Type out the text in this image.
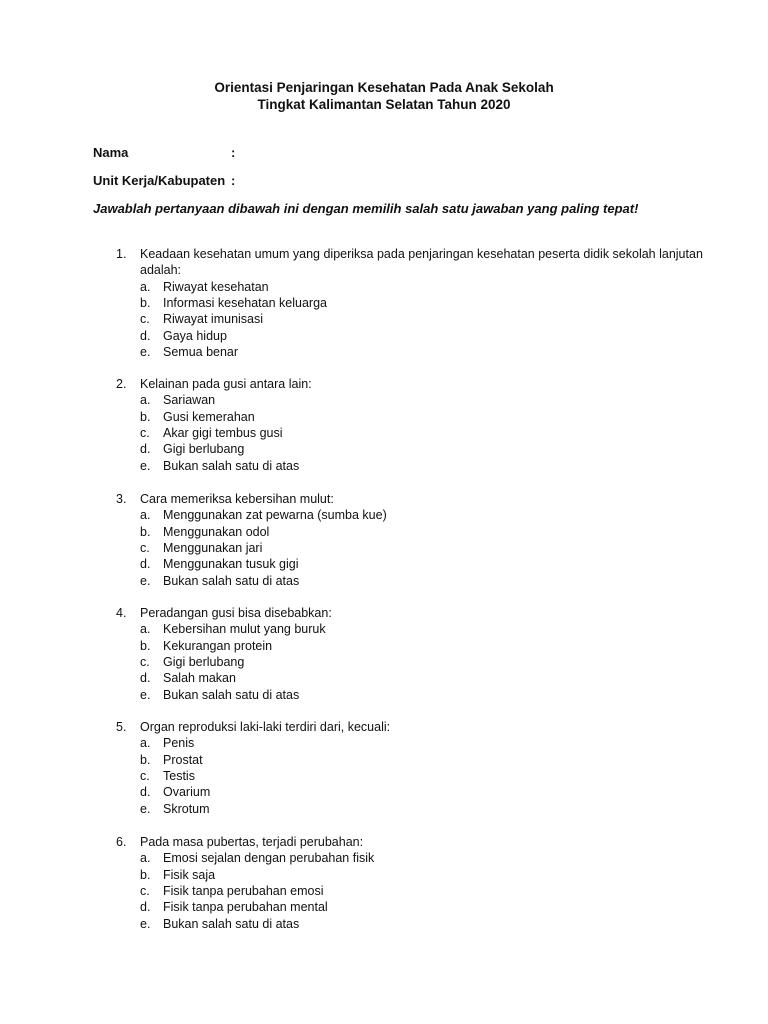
Orientasi Penjaringan Kesehatan Pada Anak Sekolah
Tingkat Kalimantan Selatan Tahun 2020
Nama	:
Unit Kerja/Kabupaten :
Jawablah pertanyaan dibawah ini dengan memilih salah satu jawaban yang paling tepat!
1. Keadaan kesehatan umum yang diperiksa pada penjaringan kesehatan peserta didik sekolah lanjutan adalah:
a. Riwayat kesehatan
b. Informasi kesehatan keluarga
c. Riwayat imunisasi
d. Gaya hidup
e. Semua benar
2. Kelainan pada gusi antara lain:
a. Sariawan
b. Gusi kemerahan
c. Akar gigi tembus gusi
d. Gigi berlubang
e. Bukan salah satu di atas
3. Cara memeriksa kebersihan mulut:
a. Menggunakan zat pewarna (sumba kue)
b. Menggunakan odol
c. Menggunakan jari
d. Menggunakan tusuk gigi
e. Bukan salah satu di atas
4. Peradangan gusi bisa disebabkan:
a. Kebersihan mulut yang buruk
b. Kekurangan protein
c. Gigi berlubang
d. Salah makan
e. Bukan salah satu di atas
5. Organ reproduksi laki-laki terdiri dari, kecuali:
a. Penis
b. Prostat
c. Testis
d. Ovarium
e. Skrotum
6. Pada masa pubertas, terjadi perubahan:
a. Emosi sejalan dengan perubahan fisik
b. Fisik saja
c. Fisik tanpa perubahan emosi
d. Fisik tanpa perubahan mental
e. Bukan salah satu di atas
